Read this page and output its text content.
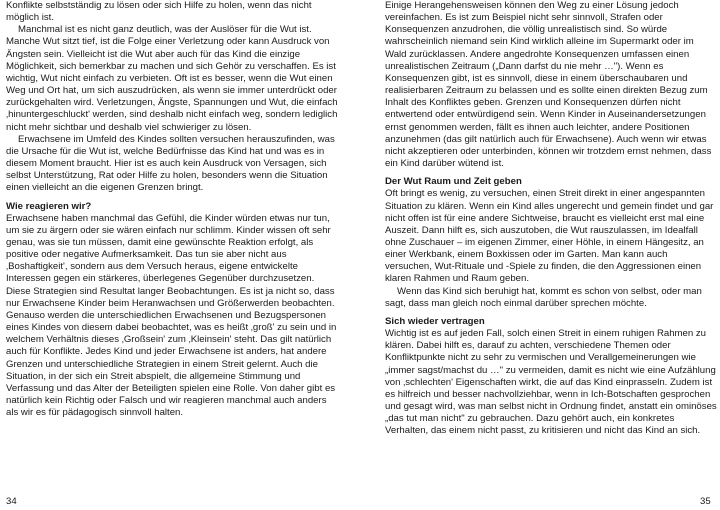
Konflikte selbstständig zu lösen oder sich Hilfe zu holen, wenn das nicht möglich ist.

Manchmal ist es nicht ganz deutlich, was der Auslöser für die Wut ist. Manche Wut sitzt tief, ist die Folge einer Verletzung oder kann Ausdruck von Ängsten sein. Vielleicht ist die Wut aber auch für das Kind die einzige Möglichkeit, sich bemerkbar zu machen und sich Gehör zu verschaffen. Es ist wichtig, Wut nicht einfach zu verbieten. Oft ist es besser, wenn die Wut einen Weg und Ort hat, um sich auszudrücken, als wenn sie immer unterdrückt oder zurückgehalten wird. Verletzungen, Ängste, Spannungen und Wut, die einfach ‚hinuntergeschluckt' werden, sind deshalb nicht einfach weg, sondern lediglich nicht mehr sichtbar und deshalb viel schwieriger zu lösen.

Erwachsene im Umfeld des Kindes sollten versuchen herauszufinden, was die Ursache für die Wut ist, welche Bedürfnisse das Kind hat und was es in diesem Moment braucht. Hier ist es auch kein Ausdruck von Versagen, sich selbst Unterstützung, Rat oder Hilfe zu holen, besonders wenn die Situation einen vielleicht an die eigenen Grenzen bringt.

Wie reagieren wir?

Erwachsene haben manchmal das Gefühl, die Kinder würden etwas nur tun, um sie zu ärgern oder sie wären einfach nur schlimm. Kinder wissen oft sehr genau, was sie tun müssen, damit eine gewünschte Reaktion erfolgt, als positive oder negative Aufmerksamkeit. Das tun sie aber nicht aus ‚Boshaftigkeit', sondern aus dem Versuch heraus, eigene entwickelte Interessen gegen ein stärkeres, überlegenes Gegenüber durchzusetzen. Diese Strategien sind Resultat langer Beobachtungen. Es ist ja nicht so, dass nur Erwachsene Kinder beim Heranwachsen und Größerwerden beobachten. Genauso werden die unterschiedlichen Erwachsenen und Bezugspersonen eines Kindes von diesem dabei beobachtet, was es heißt ‚groß' zu sein und in welchem Verhältnis dieses ‚Großsein' zum ‚Kleinsein' steht. Das gilt natürlich auch für Konflikte. Jedes Kind und jeder Erwachsene ist anders, hat andere Grenzen und unterschiedliche Strategien in einem Streit gelernt. Auch die Situation, in der sich ein Streit abspielt, die allgemeine Stimmung und Verfassung und das Alter der Beteiligten spielen eine Rolle. Von daher gibt es natürlich kein Richtig oder Falsch und wir reagieren manchmal auch anders als wir es für pädagogisch sinnvoll halten.

34

Einige Herangehensweisen können den Weg zu einer Lösung jedoch vereinfachen. Es ist zum Beispiel nicht sehr sinnvoll, Strafen oder Konsequenzen anzudrohen, die völlig unrealistisch sind. So würde wahrscheinlich niemand sein Kind wirklich alleine im Supermarkt oder im Wald zurücklassen. Andere angedrohte Konsequenzen umfassen einen unrealistischen Zeitraum („Dann darfst du nie mehr …"). Wenn es Konsequenzen gibt, ist es sinnvoll, diese in einem überschaubaren und realisierbaren Zeitraum zu belassen und es sollte einen direkten Bezug zum Inhalt des Konfliktes geben. Grenzen und Konsequenzen dürfen nicht entwertend oder entwürdigend sein. Wenn Kinder in Auseinandersetzungen ernst genommen werden, fällt es ihnen auch leichter, andere Positionen anzunehmen (das gilt natürlich auch für Erwachsene). Auch wenn wir etwas nicht akzeptieren oder unterbinden, können wir trotzdem ernst nehmen, dass ein Kind darüber wütend ist.

Der Wut Raum und Zeit geben

Oft bringt es wenig, zu versuchen, einen Streit direkt in einer angespannten Situation zu klären. Wenn ein Kind alles ungerecht und gemein findet und gar nicht offen ist für eine andere Sichtweise, braucht es vielleicht erst mal eine Auszeit. Dann hilft es, sich auszutoben, die Wut rauszulassen, im Idealfall ohne Zuschauer – im eigenen Zimmer, einer Höhle, in einem Hängesitz, an einer Werkbank, einem Boxkissen oder im Garten. Man kann auch versuchen, Wut-Rituale und -Spiele zu finden, die den Aggressionen einen klaren Rahmen und Raum geben.

Wenn das Kind sich beruhigt hat, kommt es schon von selbst, oder man sagt, dass man gleich noch einmal darüber sprechen möchte.

Sich wieder vertragen

Wichtig ist es auf jeden Fall, solch einen Streit in einem ruhigen Rahmen zu klären. Dabei hilft es, darauf zu achten, verschiedene Themen oder Konfliktpunkte nicht zu sehr zu vermischen und Verallgemeinerungen wie „immer sagst/machst du …" zu vermeiden, damit es nicht wie eine Aufzählung von ‚schlechten' Eigenschaften wirkt, die auf das Kind einprasseln. Zudem ist es hilfreich und besser nachvollziehbar, wenn in Ich-Botschaften gesprochen und gesagt wird, was man selbst nicht in Ordnung findet, anstatt ein ominöses „das tut man nicht" zu gebrauchen. Dazu gehört auch, ein konkretes Verhalten, das einem nicht passt, zu kritisieren und nicht das Kind an sich.

35
